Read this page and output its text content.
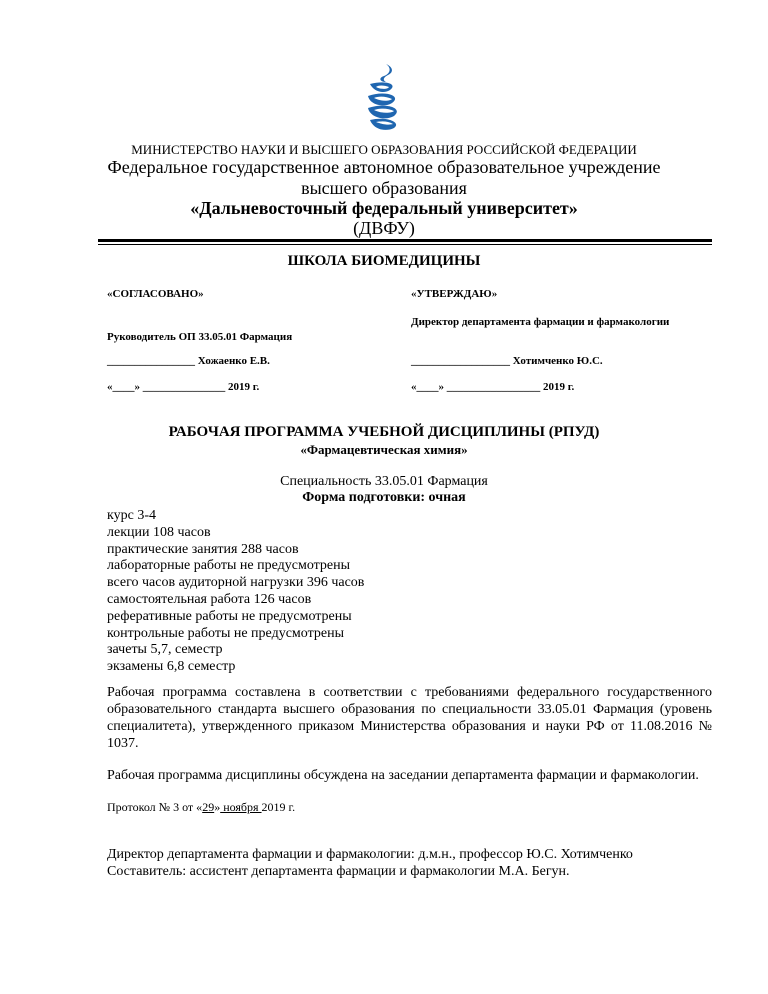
МИНИСТЕРСТВО НАУКИ И ВЫСШЕГО ОБРАЗОВАНИЯ РОССИЙСКОЙ ФЕДЕРАЦИИ
Федеральное государственное автономное образовательное учреждение
высшего образования
«Дальневосточный федеральный университет»
(ДВФУ)
ШКОЛА БИОМЕДИЦИНЫ
«СОГЛАСОВАНО»
Руководитель ОП 33.05.01 Фармация
________________ Хожаенко Е.В.
«____» _______________ 2019 г.
«УТВЕРЖДАЮ»
Директор департамента фармации и фармакологии
__________________ Хотимченко Ю.С.
«____» _________________ 2019 г.
РАБОЧАЯ ПРОГРАММА УЧЕБНОЙ ДИСЦИПЛИНЫ (РПУД)
«Фармацевтическая химия»
Специальность 33.05.01 Фармация
Форма подготовки: очная
курс 3-4
лекции 108 часов
практические занятия 288 часов
лабораторные работы не предусмотрены
всего часов аудиторной нагрузки 396 часов
самостоятельная работа 126 часов
реферативные работы не предусмотрены
контрольные работы не предусмотрены
зачеты 5,7, семестр
экзамены 6,8 семестр
Рабочая программа составлена в соответствии с требованиями федерального государственного образовательного стандарта высшего образования по специальности 33.05.01 Фармация (уровень специалитета), утвержденного приказом Министерства образования и науки РФ от 11.08.2016 № 1037.
Рабочая программа дисциплины обсуждена на заседании департамента фармации и фармакологии.
Протокол № 3 от «29» ноября 2019 г.
Директор департамента фармации и фармакологии: д.м.н., профессор Ю.С. Хотимченко
Составитель: ассистент департамента фармации и фармакологии М.А. Бегун.
